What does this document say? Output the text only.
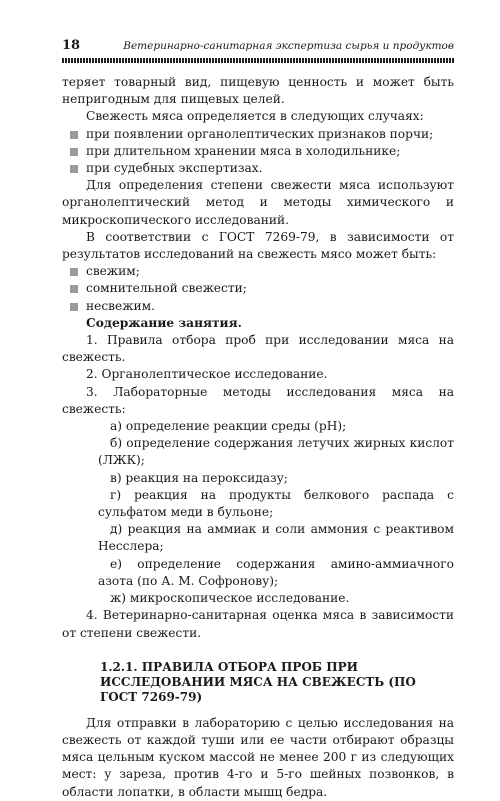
18	Ветеринарно-санитарная экспертиза сырья и продуктов

теряет товарный вид, пищевую ценность и может быть непригодным для пищевых целей.

Свежесть мяса определяется в следующих случаях:

при появлении органолептических признаков порчи;

при длительном хранении мяса в холодильнике;

при судебных экспертизах.

Для определения степени свежести мяса используют органолептический метод и методы химического и микроскопического исследований.

В соответствии с ГОСТ 7269-79, в зависимости от результатов исследований на свежесть мясо может быть:

свежим;

сомнительной свежести;

несвежим.

Содержание занятия.

1. Правила отбора проб при исследовании мяса на свежесть.

2. Органолептическое исследование.

3. Лабораторные методы исследования мяса на свежесть:

а) определение реакции среды (pH);

б) определение содержания летучих жирных кислот (ЛЖК);

в) реакция на пероксидазу;

г) реакция на продукты белкового распада с сульфатом меди в бульоне;

д) реакция на аммиак и соли аммония с реактивом Несслера;

е) определение содержания амино-аммиачного азота (по А. М. Софронову);

ж) микроскопическое исследование.

4. Ветеринарно-санитарная оценка мяса в зависимости от степени свежести.

1.2.1. ПРАВИЛА ОТБОРА ПРОБ ПРИ ИССЛЕДОВАНИИ МЯСА НА СВЕЖЕСТЬ (ПО ГОСТ 7269-79)

Для отправки в лабораторию с целью исследования на свежесть от каждой туши или ее части отбирают образцы мяса цельным куском массой не менее 200 г из следующих мест: у зареза, против 4-го и 5-го шейных позвонков, в области лопатки, в области мышц бедра.
